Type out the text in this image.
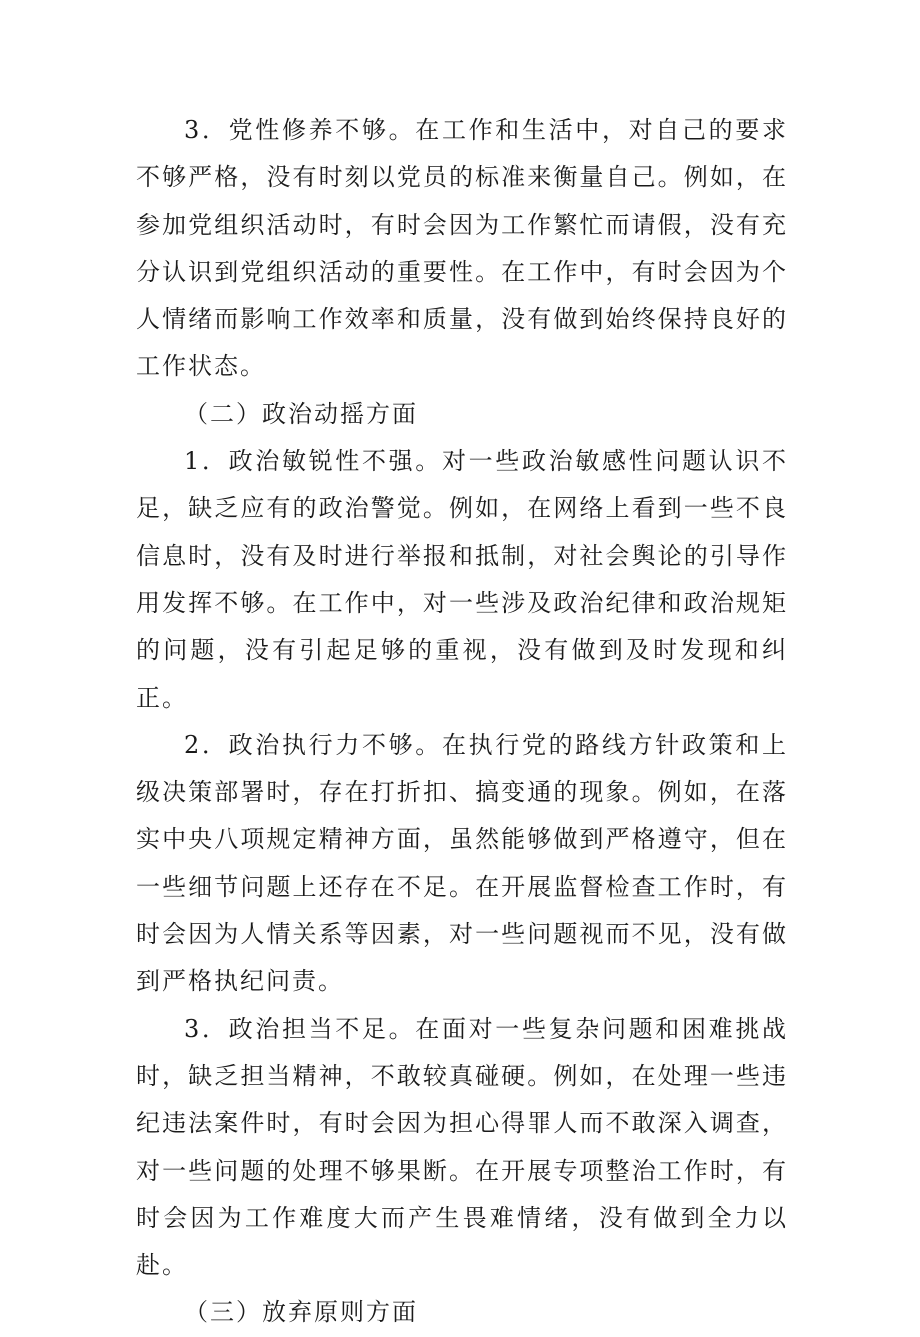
3．党性修养不够。在工作和生活中，对自己的要求不够严格，没有时刻以党员的标准来衡量自己。例如，在参加党组织活动时，有时会因为工作繁忙而请假，没有充分认识到党组织活动的重要性。在工作中，有时会因为个人情绪而影响工作效率和质量，没有做到始终保持良好的工作状态。

（二）政治动摇方面

1．政治敏锐性不强。对一些政治敏感性问题认识不足，缺乏应有的政治警觉。例如，在网络上看到一些不良信息时，没有及时进行举报和抵制，对社会舆论的引导作用发挥不够。在工作中，对一些涉及政治纪律和政治规矩的问题，没有引起足够的重视，没有做到及时发现和纠正。

2．政治执行力不够。在执行党的路线方针政策和上级决策部署时，存在打折扣、搞变通的现象。例如，在落实中央八项规定精神方面，虽然能够做到严格遵守，但在一些细节问题上还存在不足。在开展监督检查工作时，有时会因为人情关系等因素，对一些问题视而不见，没有做到严格执纪问责。

3．政治担当不足。在面对一些复杂问题和困难挑战时，缺乏担当精神，不敢较真碰硬。例如，在处理一些违纪违法案件时，有时会因为担心得罪人而不敢深入调查，对一些问题的处理不够果断。在开展专项整治工作时，有时会因为工作难度大而产生畏难情绪，没有做到全力以赴。

（三）放弃原则方面
